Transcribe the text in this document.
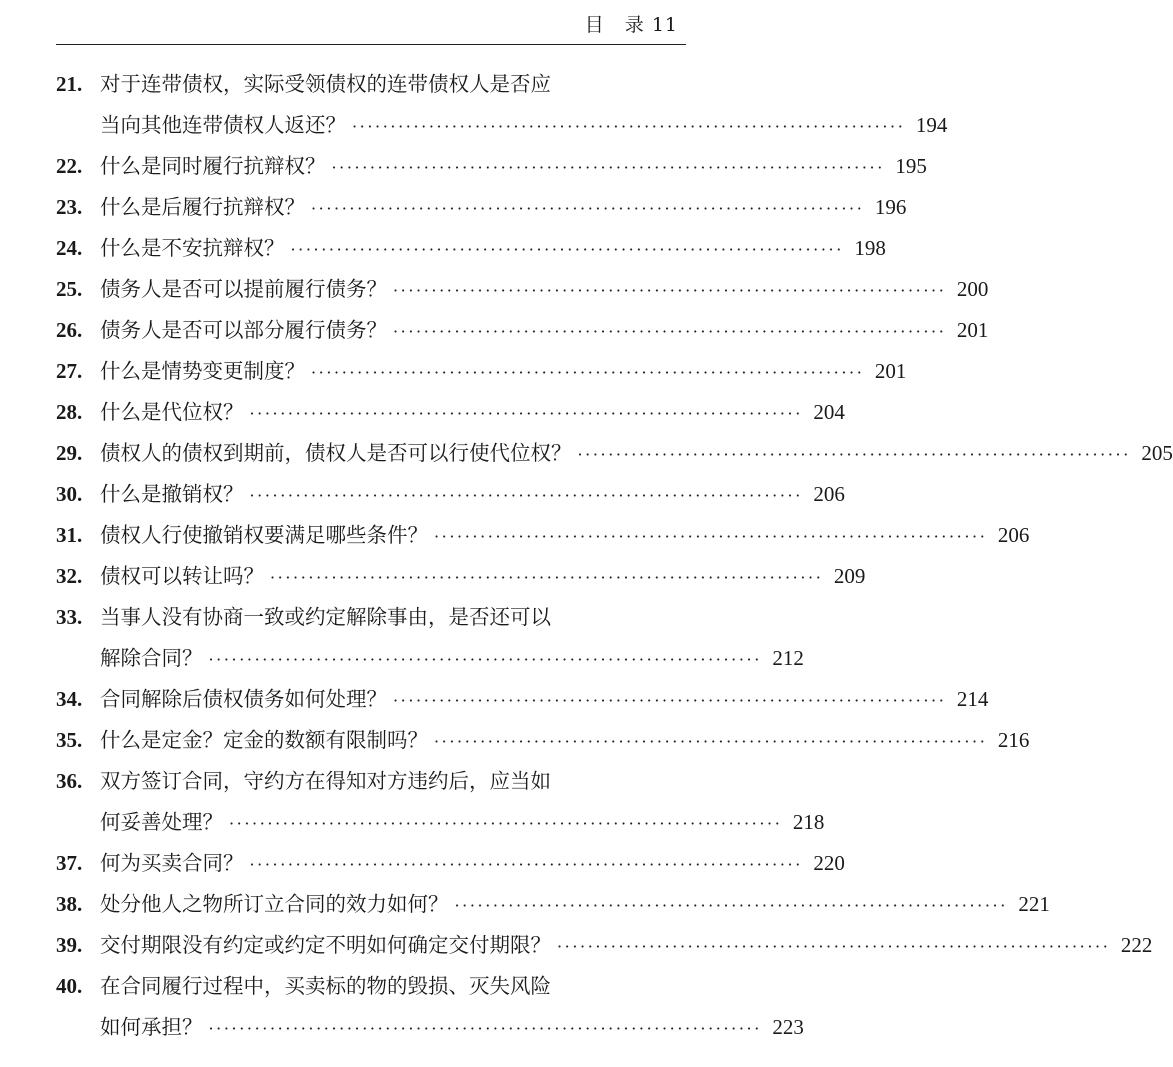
目　录 11
21. 对于连带债权，实际受领债权的连带债权人是否应
当向其他连带债权人返还？ ········································································ 194
22. 什么是同时履行抗辩权？ ········································································ 195
23. 什么是后履行抗辩权？ ········································································ 196
24. 什么是不安抗辩权？ ········································································ 198
25. 债务人是否可以提前履行债务？ ········································································ 200
26. 债务人是否可以部分履行债务？ ········································································ 201
27. 什么是情势变更制度？ ········································································ 201
28. 什么是代位权？ ········································································ 204
29. 债权人的债权到期前，债权人是否可以行使代位权？ ········································································ 205
30. 什么是撤销权？ ········································································ 206
31. 债权人行使撤销权要满足哪些条件？ ········································································ 206
32. 债权可以转让吗？ ········································································ 209
33. 当事人没有协商一致或约定解除事由，是否还可以
解除合同？ ········································································ 212
34. 合同解除后债权债务如何处理？ ········································································ 214
35. 什么是定金？定金的数额有限制吗？ ········································································ 216
36. 双方签订合同，守约方在得知对方违约后，应当如
何妥善处理？ ········································································ 218
37. 何为买卖合同？ ········································································ 220
38. 处分他人之物所订立合同的效力如何？ ········································································ 221
39. 交付期限没有约定或约定不明如何确定交付期限？ ········································································ 222
40. 在合同履行过程中，买卖标的物的毁损、灭失风险
如何承担？ ········································································ 223
